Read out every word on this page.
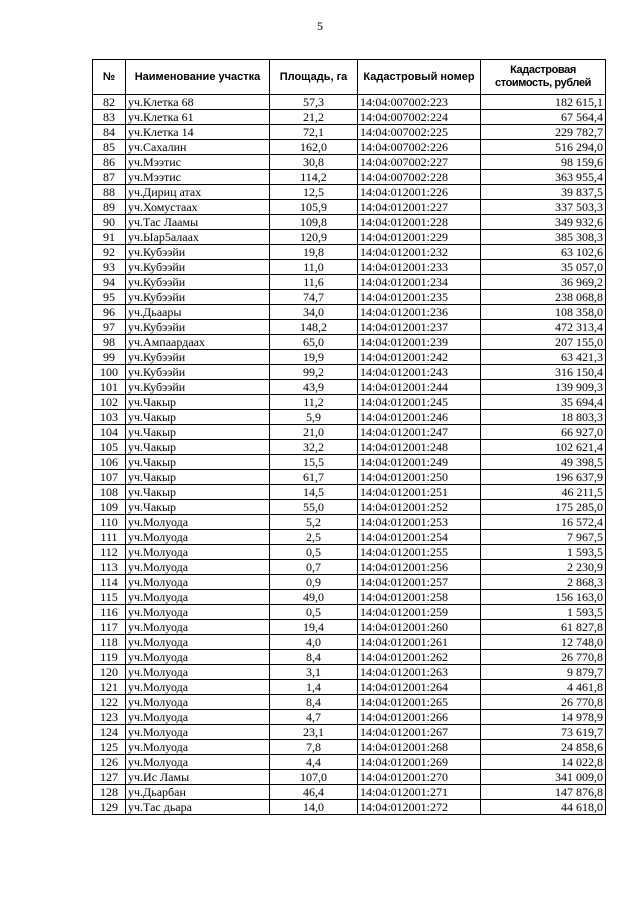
5
№	Наименование участка	Площадь, га	Кадастровый номер	Кадастровая стоимость, рублей
82	уч.Клетка 68	57,3	14:04:007002:223	182 615,1
83	уч.Клетка 61	21,2	14:04:007002:224	67 564,4
84	уч.Клетка 14	72,1	14:04:007002:225	229 782,7
85	уч.Сахалин	162,0	14:04:007002:226	516 294,0
86	уч.Мээтис	30,8	14:04:007002:227	98 159,6
87	уч.Мээтис	114,2	14:04:007002:228	363 955,4
88	уч.Дириц атах	12,5	14:04:012001:226	39 837,5
89	уч.Хомустаах	105,9	14:04:012001:227	337 503,3
90	уч.Тас Лаамы	109,8	14:04:012001:228	349 932,6
91	уч.Ыар5алаах	120,9	14:04:012001:229	385 308,3
92	уч.Кубээйи	19,8	14:04:012001:232	63 102,6
93	уч.Кубээйи	11,0	14:04:012001:233	35 057,0
94	уч.Кубээйи	11,6	14:04:012001:234	36 969,2
95	уч.Кубээйи	74,7	14:04:012001:235	238 068,8
96	уч.Дьаары	34,0	14:04:012001:236	108 358,0
97	уч.Кубээйи	148,2	14:04:012001:237	472 313,4
98	уч.Ампаардаах	65,0	14:04:012001:239	207 155,0
99	уч.Кубээйи	19,9	14:04:012001:242	63 421,3
100	уч.Кубээйи	99,2	14:04:012001:243	316 150,4
101	уч.Кубээйи	43,9	14:04:012001:244	139 909,3
102	уч.Чакыр	11,2	14:04:012001:245	35 694,4
103	уч.Чакыр	5,9	14:04:012001:246	18 803,3
104	уч.Чакыр	21,0	14:04:012001:247	66 927,0
105	уч.Чакыр	32,2	14:04:012001:248	102 621,4
106	уч.Чакыр	15,5	14:04:012001:249	49 398,5
107	уч.Чакыр	61,7	14:04:012001:250	196 637,9
108	уч.Чакыр	14,5	14:04:012001:251	46 211,5
109	уч.Чакыр	55,0	14:04:012001:252	175 285,0
110	уч.Молуода	5,2	14:04:012001:253	16 572,4
111	уч.Молуода	2,5	14:04:012001:254	7 967,5
112	уч.Молуода	0,5	14:04:012001:255	1 593,5
113	уч.Молуода	0,7	14:04:012001:256	2 230,9
114	уч.Молуода	0,9	14:04:012001:257	2 868,3
115	уч.Молуода	49,0	14:04:012001:258	156 163,0
116	уч.Молуода	0,5	14:04:012001:259	1 593,5
117	уч.Молуода	19,4	14:04:012001:260	61 827,8
118	уч.Молуода	4,0	14:04:012001:261	12 748,0
119	уч.Молуода	8,4	14:04:012001:262	26 770,8
120	уч.Молуода	3,1	14:04:012001:263	9 879,7
121	уч.Молуода	1,4	14:04:012001:264	4 461,8
122	уч.Молуода	8,4	14:04:012001:265	26 770,8
123	уч.Молуода	4,7	14:04:012001:266	14 978,9
124	уч.Молуода	23,1	14:04:012001:267	73 619,7
125	уч.Молуода	7,8	14:04:012001:268	24 858,6
126	уч.Молуода	4,4	14:04:012001:269	14 022,8
127	уч.Ис Ламы	107,0	14:04:012001:270	341 009,0
128	уч.Дьарбан	46,4	14:04:012001:271	147 876,8
129	уч.Тас дьара	14,0	14:04:012001:272	44 618,0
